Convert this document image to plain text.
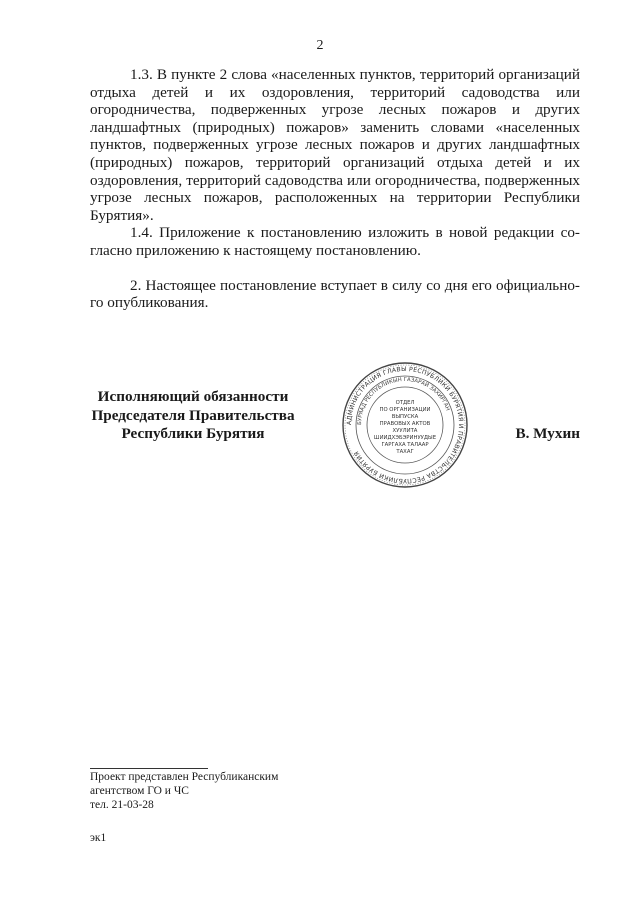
2

1.3. В пункте 2 слова «населенных пунктов, территорий организаций отдыха детей и их оздоровления, территорий садоводства или огородничества, подверженных угрозе лесных пожаров и других ландшафтных (природных) пожаров» заменить словами «населенных пунктов, подверженных угрозе лесных пожаров и других ландшафтных (природных) пожаров, территорий организаций отдыха детей и их оздоровления, территорий садоводства или огородничества, подверженных угрозе лесных пожаров, расположенных на территории Республики Бурятия».

1.4. Приложение к постановлению изложить в новой редакции со-гласно приложению к настоящему постановлению.

2. Настоящее постановление вступает в силу со дня его официально-го опубликования.

Исполняющий обязанности
Председателя Правительства
Республики Бурятия
АДМИНИСТРАЦИЯ ГЛАВЫ РЕСПУБЛИКИ БУРЯТИЯ И ПРАВИТЕЛЬСТВА РЕСПУБЛИКИ БУРЯТИЯ
БУРЯАД РЕСПУБЛИКЫН ГАЗАРАЙ ЗАХИРГАН
ОТДЕЛ
ПО ОРГАНИЗАЦИИ
ВЫПУСКА
ПРАВОВЫХ АКТОВ
ХУУЛИТА
ШИИДХЭБЭРИНУУДЫЕ
ГАРГАХА ТАЛААР
ТАХАГ
В. Мухин
Проект представлен Республиканским
агентством ГО и ЧС
тел. 21-03-28
эк1
